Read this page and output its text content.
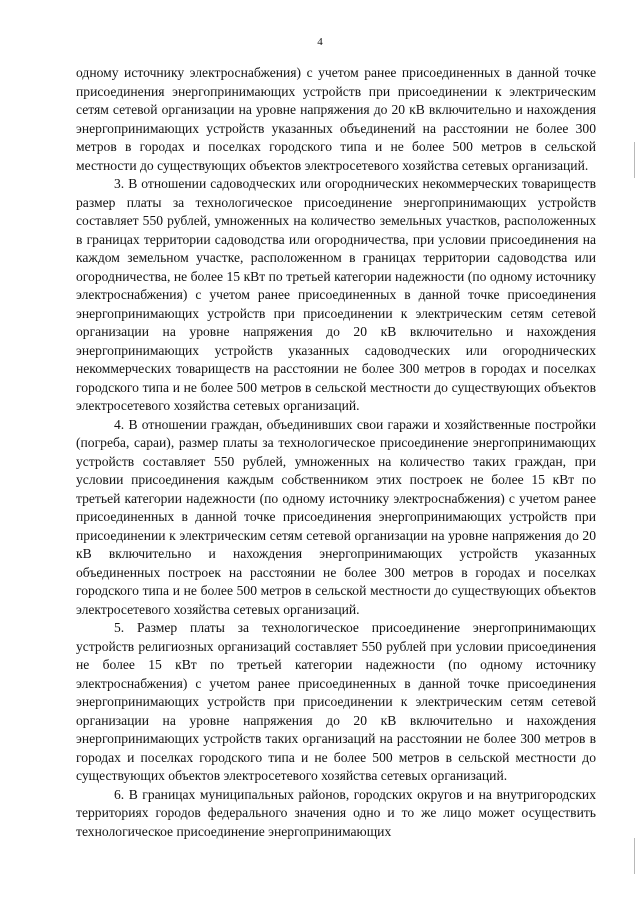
4

одному источнику электроснабжения) с учетом ранее присоединенных в данной точке присоединения энергопринимающих устройств при присоединении к электрическим сетям сетевой организации на уровне напряжения до 20 кВ включительно и нахождения энергопринимающих устройств указанных объединений на расстоянии не более 300 метров в городах и поселках городского типа и не более 500 метров в сельской местности до существующих объектов электросетевого хозяйства сетевых организаций.

3. В отношении садоводческих или огороднических некоммерческих товариществ размер платы за технологическое присоединение энергопринимающих устройств составляет 550 рублей, умноженных на количество земельных участков, расположенных в границах территории садоводства или огородничества, при условии присоединения на каждом земельном участке, расположенном в границах территории садоводства или огородничества, не более 15 кВт по третьей категории надежности (по одному источнику электроснабжения) с учетом ранее присоединенных в данной точке присоединения энергопринимающих устройств при присоединении к электрическим сетям сетевой организации на уровне напряжения до 20 кВ включительно и нахождения энергопринимающих устройств указанных садоводческих или огороднических некоммерческих товариществ на расстоянии не более 300 метров в городах и поселках городского типа и не более 500 метров в сельской местности до существующих объектов электросетевого хозяйства сетевых организаций.

4. В отношении граждан, объединивших свои гаражи и хозяйственные постройки (погреба, сараи), размер платы за технологическое присоединение энергопринимающих устройств составляет 550 рублей, умноженных на количество таких граждан, при условии присоединения каждым собственником этих построек не более 15 кВт по третьей категории надежности (по одному источнику электроснабжения) с учетом ранее присоединенных в данной точке присоединения энергопринимающих устройств при присоединении к электрическим сетям сетевой организации на уровне напряжения до 20 кВ включительно и нахождения энергопринимающих устройств указанных объединенных построек на расстоянии не более 300 метров в городах и поселках городского типа и не более 500 метров в сельской местности до существующих объектов электросетевого хозяйства сетевых организаций.

5. Размер платы за технологическое присоединение энергопринимающих устройств религиозных организаций составляет 550 рублей при условии присоединения не более 15 кВт по третьей категории надежности (по одному источнику электроснабжения) с учетом ранее присоединенных в данной точке присоединения энергопринимающих устройств при присоединении к электрическим сетям сетевой организации на уровне напряжения до 20 кВ включительно и нахождения энергопринимающих устройств таких организаций на расстоянии не более 300 метров в городах и поселках городского типа и не более 500 метров в сельской местности до существующих объектов электросетевого хозяйства сетевых организаций.

6. В границах муниципальных районов, городских округов и на внутригородских территориях городов федерального значения одно и то же лицо может осуществить технологическое присоединение энергопринимающих
